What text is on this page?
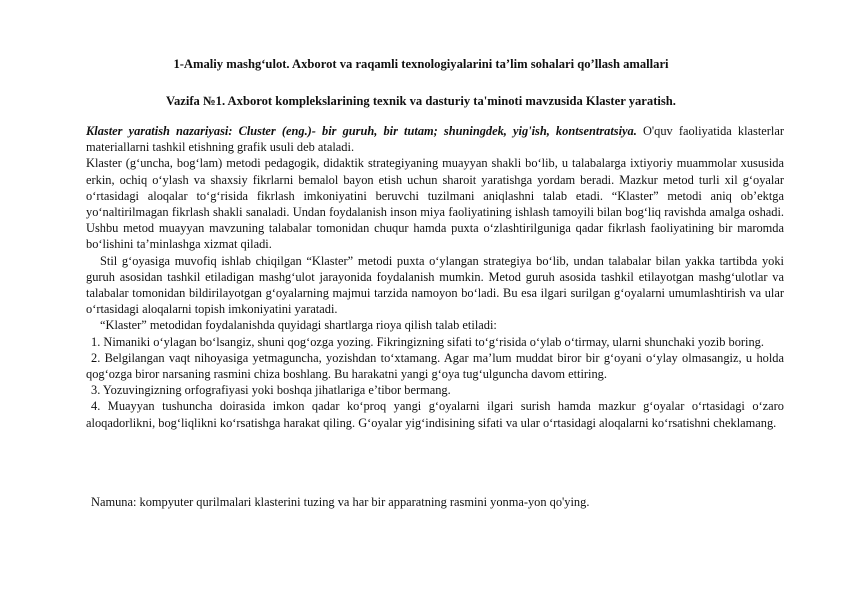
1-Amaliy mashg‘ulot. Axborot va raqamli texnologiyalarini ta’lim sohalari qo’llash amallari
Vazifa №1. Axborot komplekslarining texnik va dasturiy ta'minoti mavzusida Klaster yaratish.

Klaster yaratish nazariyasi: Cluster (eng.)- bir guruh, bir tutam; shuningdek, yig'ish, kontsentratsiya. O'quv faoliyatida klasterlar materiallarni tashkil etishning grafik usuli deb ataladi.

Klaster (g‘uncha, bog‘lam) metodi pedagogik, didaktik strategiyaning muayyan shakli bo‘lib, u talabalarga ixtiyoriy muammolar xususida erkin, ochiq o‘ylash va shaxsiy fikrlarni bemalol bayon etish uchun sharoit yaratishga yordam beradi. Mazkur metod turli xil g‘oyalar o‘rtasidagi aloqalar to‘g‘risida fikrlash imkoniyatini beruvchi tuzilmani aniqlashni talab etadi. “Klaster” metodi aniq ob’ektga yo‘naltirilmagan fikrlash shakli sanaladi. Undan foydalanish inson miya faoliyatining ishlash tamoyili bilan bog‘liq ravishda amalga oshadi. Ushbu metod muayyan mavzuning talabalar tomonidan chuqur hamda puxta o‘zlashtirilguniga qadar fikrlash faoliyatining bir maromda bo‘lishini ta’minlashga xizmat qiladi.

Stil g‘oyasiga muvofiq ishlab chiqilgan “Klaster” metodi puxta o‘ylangan strategiya bo‘lib, undan talabalar bilan yakka tartibda yoki guruh asosidan tashkil etiladigan mashg‘ulot jarayonida foydalanish mumkin. Metod guruh asosida tashkil etilayotgan mashg‘ulotlar va talabalar tomonidan bildirilayotgan g‘oyalarning majmui tarzida namoyon bo‘ladi. Bu esa ilgari surilgan g‘oyalarni umumlashtirish va ular o‘rtasidagi aloqalarni topish imkoniyatini yaratadi.

“Klaster” metodidan foydalanishda quyidagi shartlarga rioya qilish talab etiladi:

1. Nimaniki o‘ylagan bo‘lsangiz, shuni qog‘ozga yozing. Fikringizning sifati to‘g‘risida o‘ylab o‘tirmay, ularni shunchaki yozib boring.

2. Belgilangan vaqt nihoyasiga yetmaguncha, yozishdan to‘xtamang. Agar ma’lum muddat biror bir g‘oyani o‘ylay olmasangiz, u holda qog‘ozga biror narsaning rasmini chiza boshlang. Bu harakatni yangi g‘oya tug‘ulguncha davom ettiring.

3. Yozuvingizning orfografiyasi yoki boshqa jihatlariga e’tibor bermang.

4. Muayyan tushuncha doirasida imkon qadar ko‘proq yangi g‘oyalarni ilgari surish hamda mazkur g‘oyalar o‘rtasidagi o‘zaro aloqadorlikni, bog‘liqlikni ko‘rsatishga harakat qiling. G‘oyalar yig‘indisining sifati va ular o‘rtasidagi aloqalarni ko‘rsatishni cheklamang.

Namuna: kompyuter qurilmalari klasterini tuzing va har bir apparatning rasmini yonma-yon qo'ying.
